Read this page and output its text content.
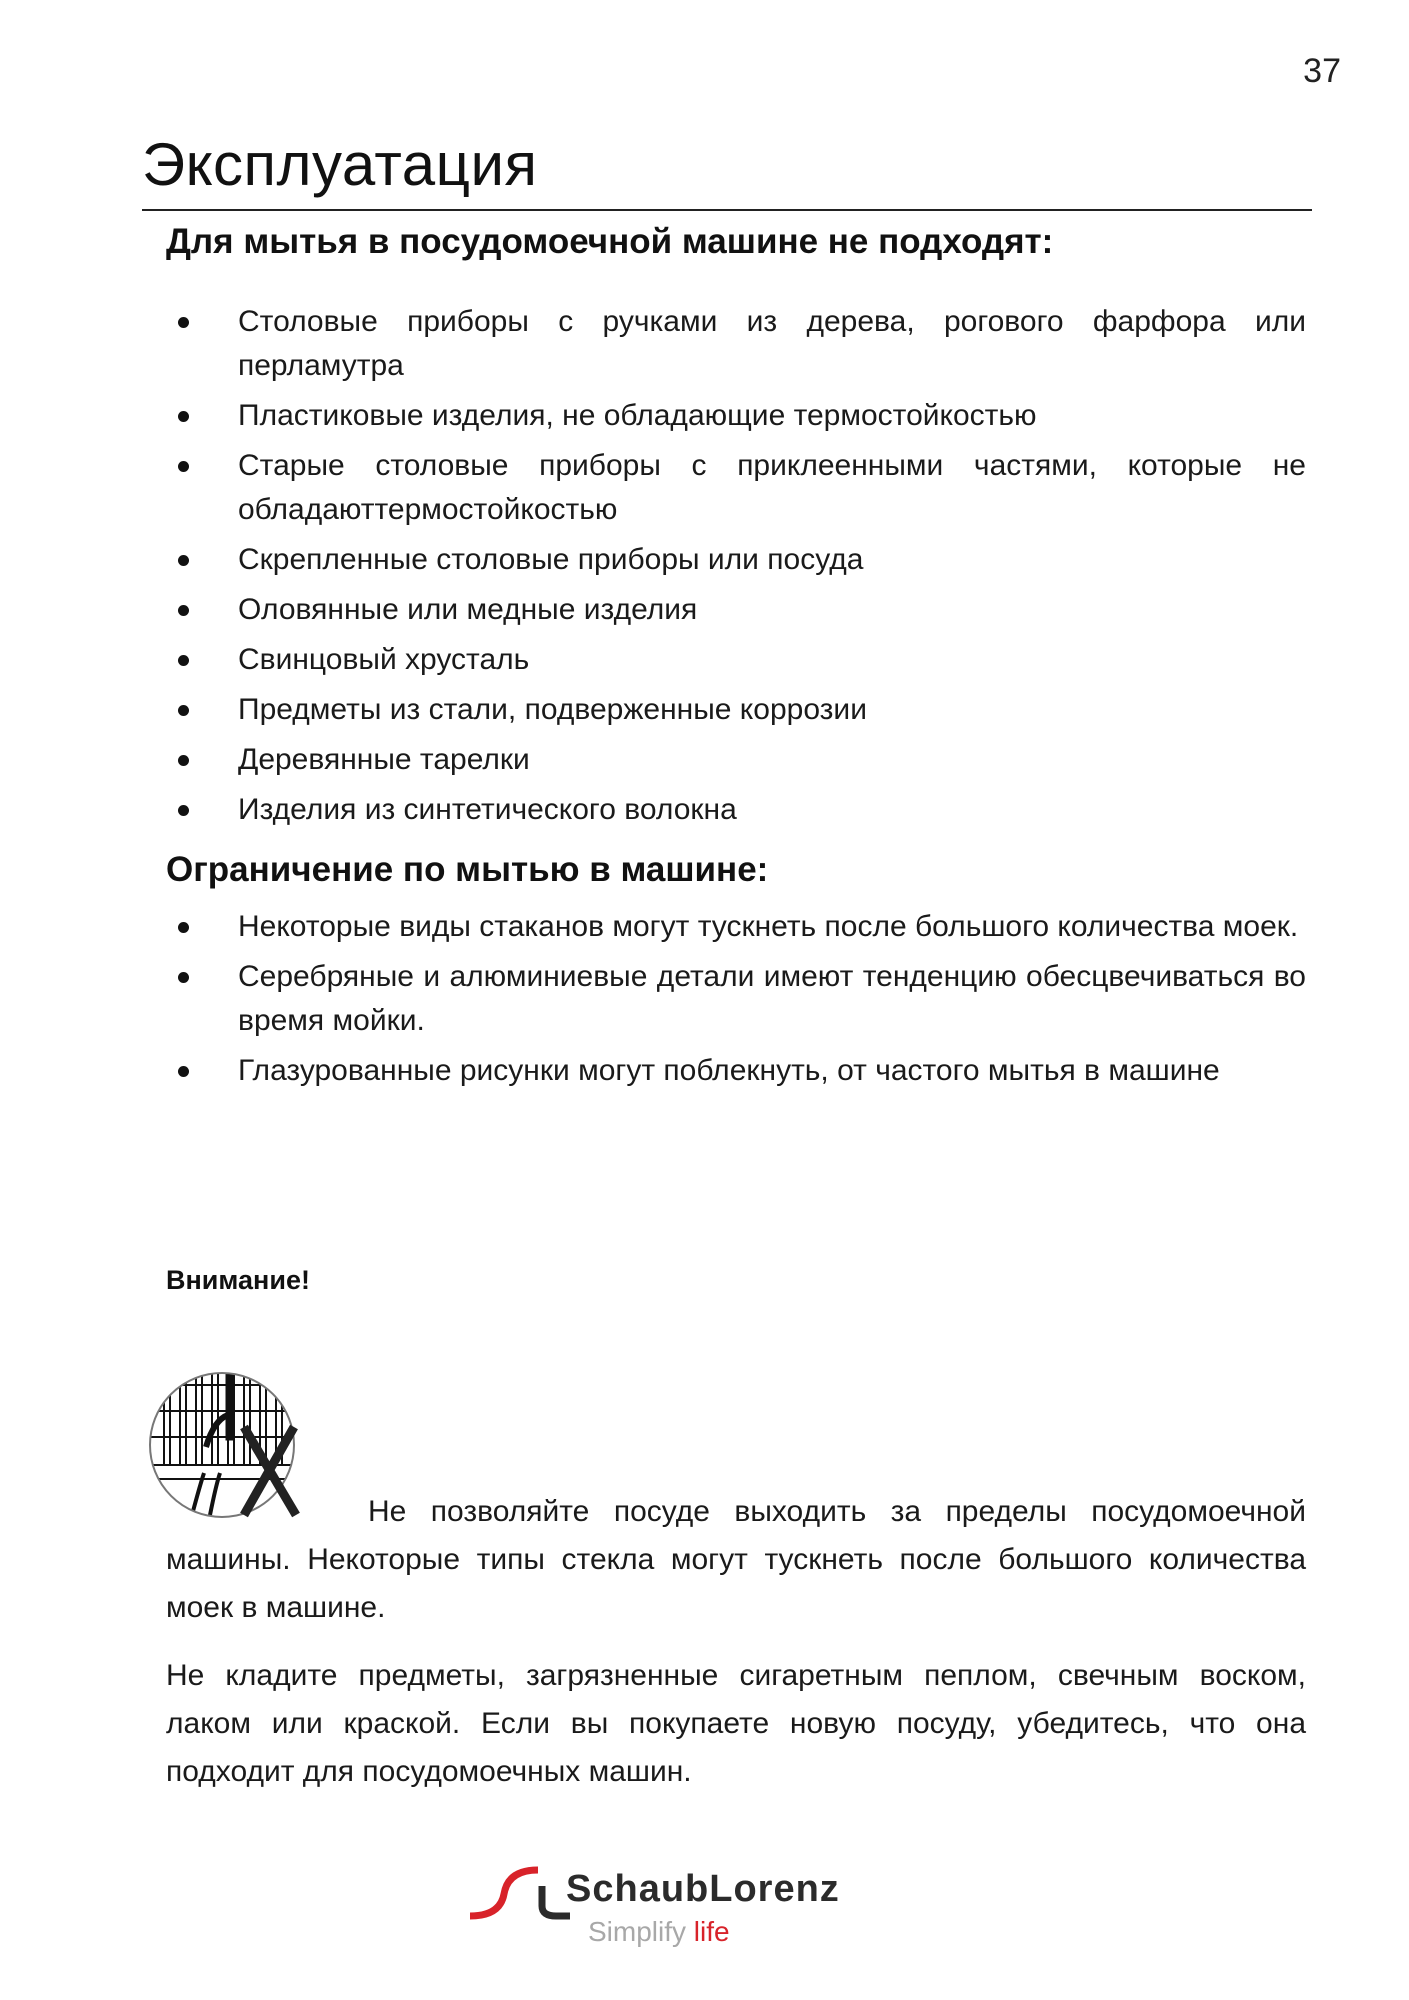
37
Эксплуатация
Для мытья в посудомоечной машине не подходят:
Столовые приборы с ручками из дерева, рогового фарфора или перламутра
Пластиковые изделия, не обладающие термостойкостью
Старые столовые приборы с приклеенными частями, которые не обладаюттермостойкостью
Скрепленные столовые приборы или посуда
Оловянные или медные изделия
Свинцовый хрусталь
Предметы из стали, подверженные коррозии
Деревянные тарелки
Изделия из синтетического волокна
Ограничение по мытью в машине:
Некоторые виды стаканов могут тускнеть после большого количества моек.
Серебряные и алюминиевые детали имеют тенденцию обесцвечиваться во время мойки.
Глазурованные рисунки могут поблекнуть, от частого мытья в машине
Внимание!

Не позволяйте посуде выходить за пределы посудомоечной машины. Некоторые типы стекла могут тускнеть после большого количества моек в машине.

Не кладите предметы, загрязненные сигаретным пеплом, свечным воском, лаком или краской. Если вы покупаете новую посуду, убедитесь, что она подходит для посудомоечных машин.

SchaubLorenz
Simplify life
